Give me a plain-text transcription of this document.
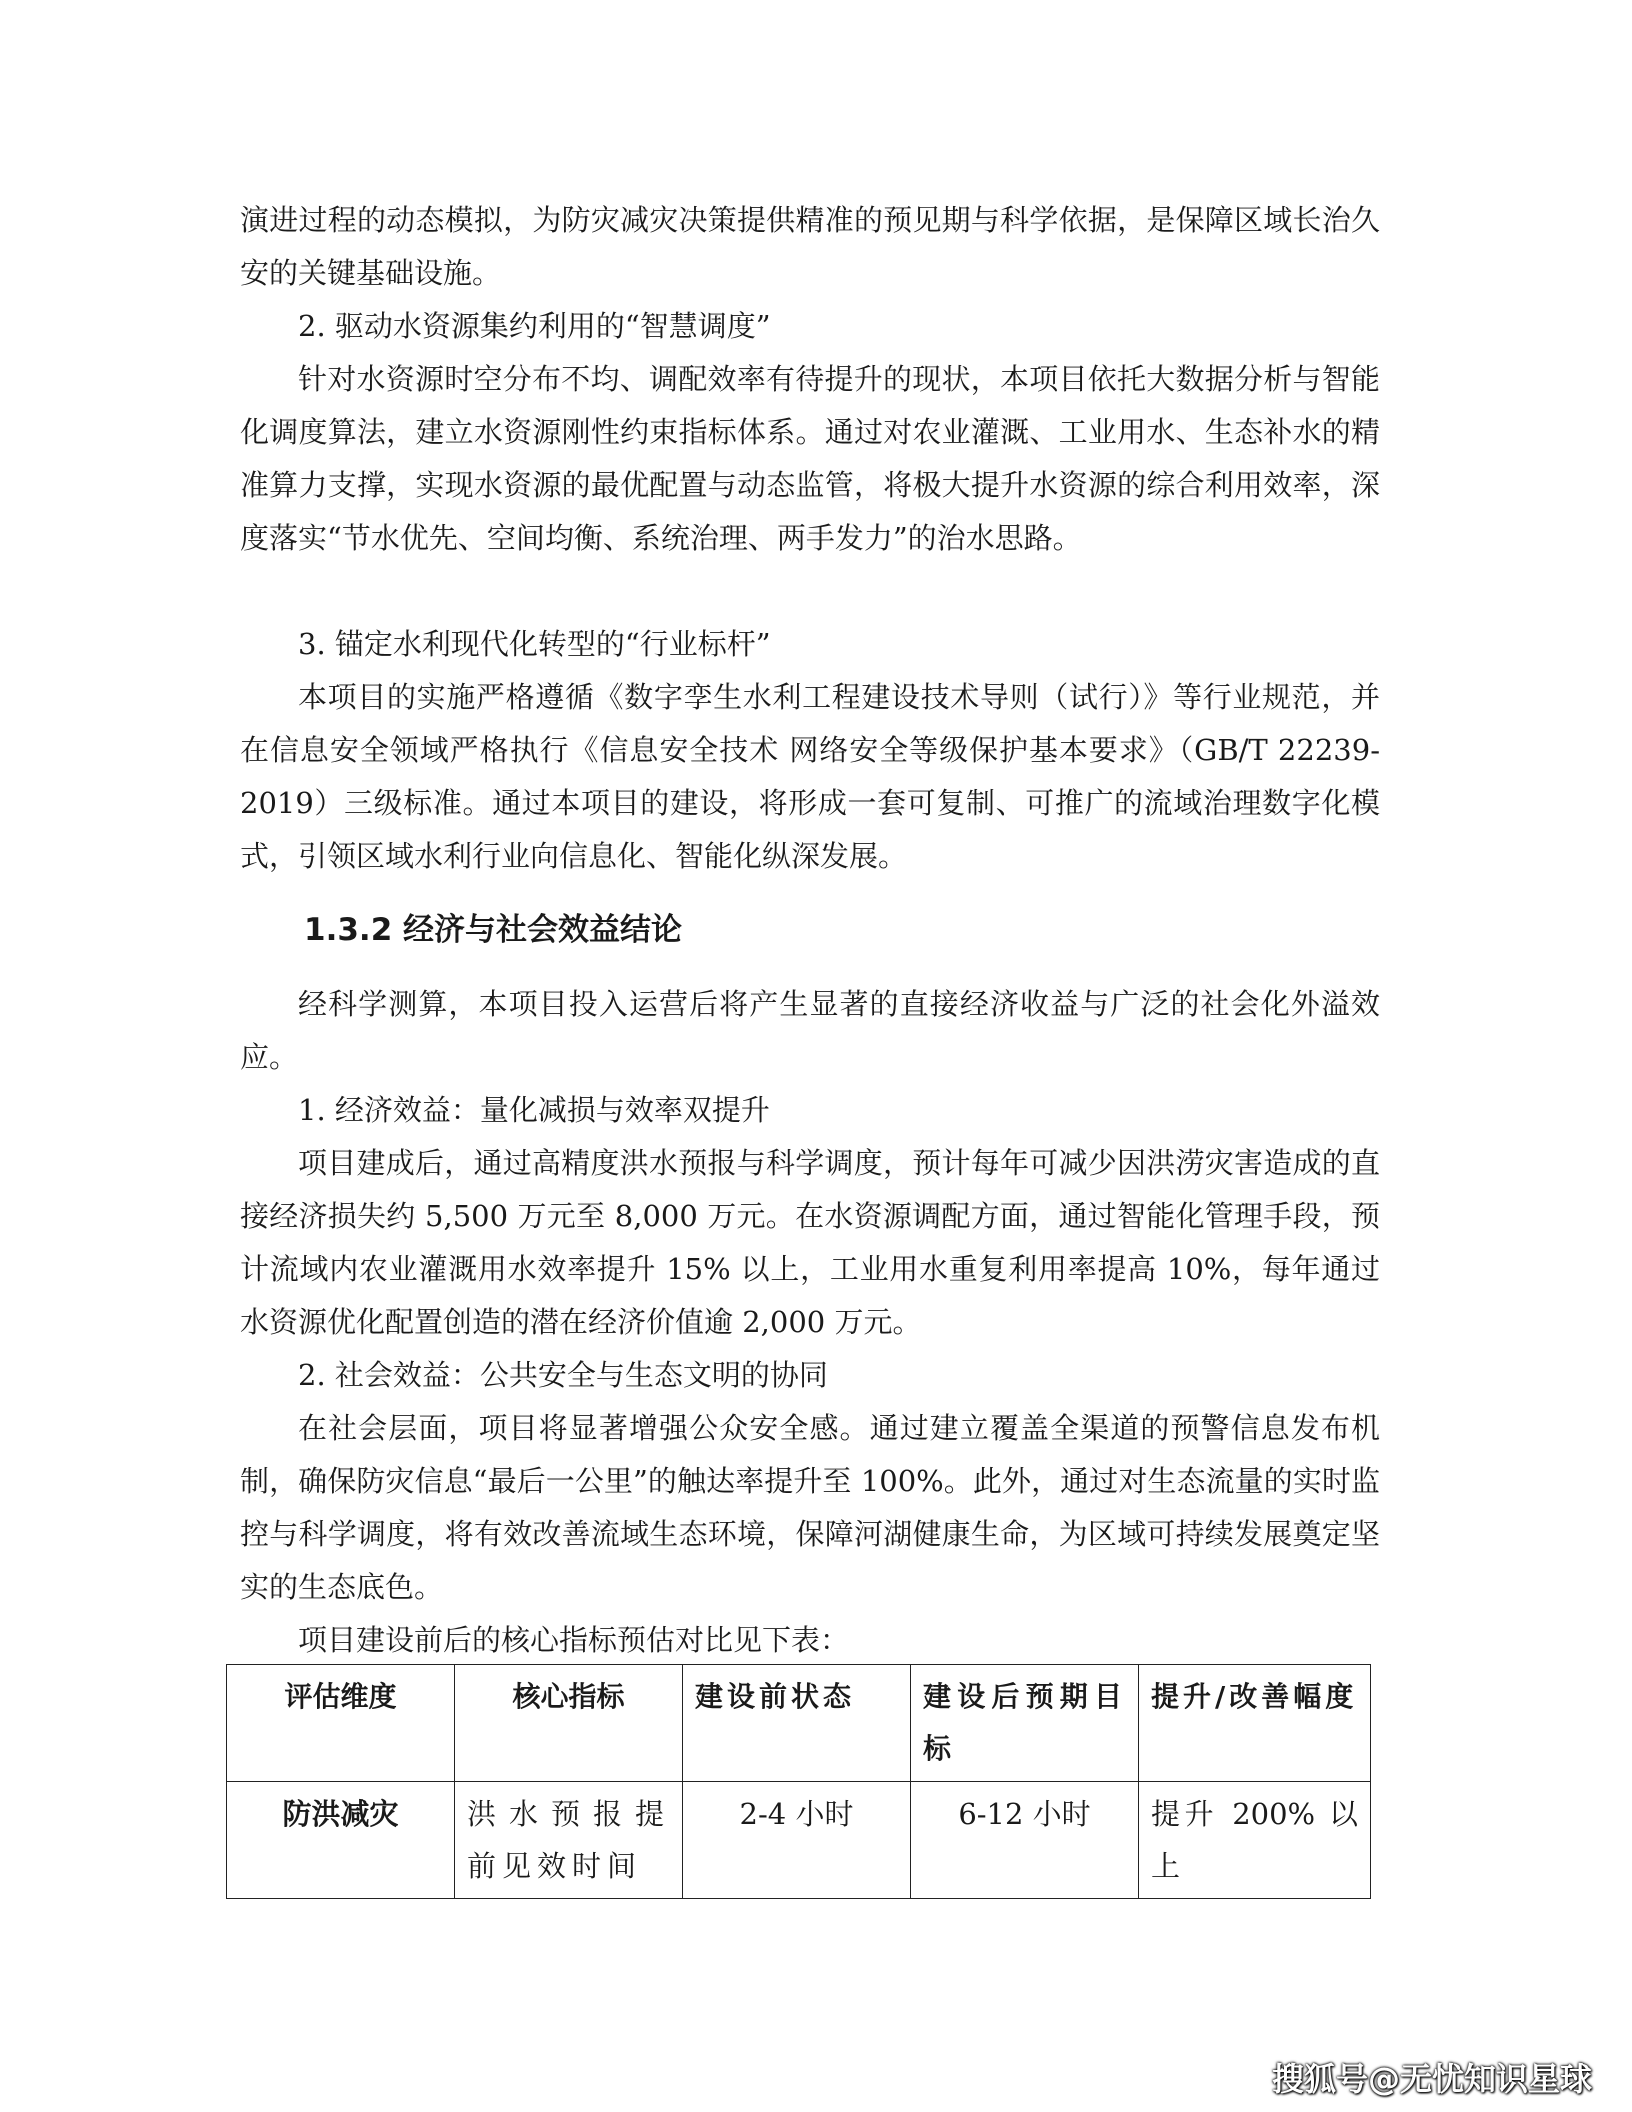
演进过程的动态模拟，为防灾减灾决策提供精准的预见期与科学依据，是保障区域长治久安的关键基础设施。

2. 驱动水资源集约利用的“智慧调度”

针对水资源时空分布不均、调配效率有待提升的现状，本项目依托大数据分析与智能化调度算法，建立水资源刚性约束指标体系。通过对农业灌溉、工业用水、生态补水的精准算力支撑，实现水资源的最优配置与动态监管，将极大提升水资源的综合利用效率，深度落实“节水优先、空间均衡、系统治理、两手发力”的治水思路。

3. 锚定水利现代化转型的“行业标杆”

本项目的实施严格遵循《数字孪生水利工程建设技术导则（试行）》等行业规范，并在信息安全领域严格执行《信息安全技术 网络安全等级保护基本要求》（GB/T 22239-2019）三级标准。通过本项目的建设，将形成一套可复制、可推广的流域治理数字化模式，引领区域水利行业向信息化、智能化纵深发展。

1.3.2 经济与社会效益结论

经科学测算，本项目投入运营后将产生显著的直接经济收益与广泛的社会化外溢效应。

1. 经济效益：量化减损与效率双提升

项目建成后，通过高精度洪水预报与科学调度，预计每年可减少因洪涝灾害造成的直接经济损失约 5,500 万元至 8,000 万元。在水资源调配方面，通过智能化管理手段，预计流域内农业灌溉用水效率提升 15% 以上，工业用水重复利用率提高 10%，每年通过水资源优化配置创造的潜在经济价值逾 2,000 万元。

2. 社会效益：公共安全与生态文明的协同

在社会层面，项目将显著增强公众安全感。通过建立覆盖全渠道的预警信息发布机制，确保防灾信息“最后一公里”的触达率提升至 100%。此外，通过对生态流量的实时监控与科学调度，将有效改善流域生态环境，保障河湖健康生命，为区域可持续发展奠定坚实的生态底色。

项目建设前后的核心指标预估对比见下表：

评估维度	核心指标	建设前状态	建设后预期目标	提升/改善幅度
防洪减灾	洪水预报提前见效时间	2-4 小时	6-12 小时	提升 200% 以上
搜狐号@无忧知识星球
